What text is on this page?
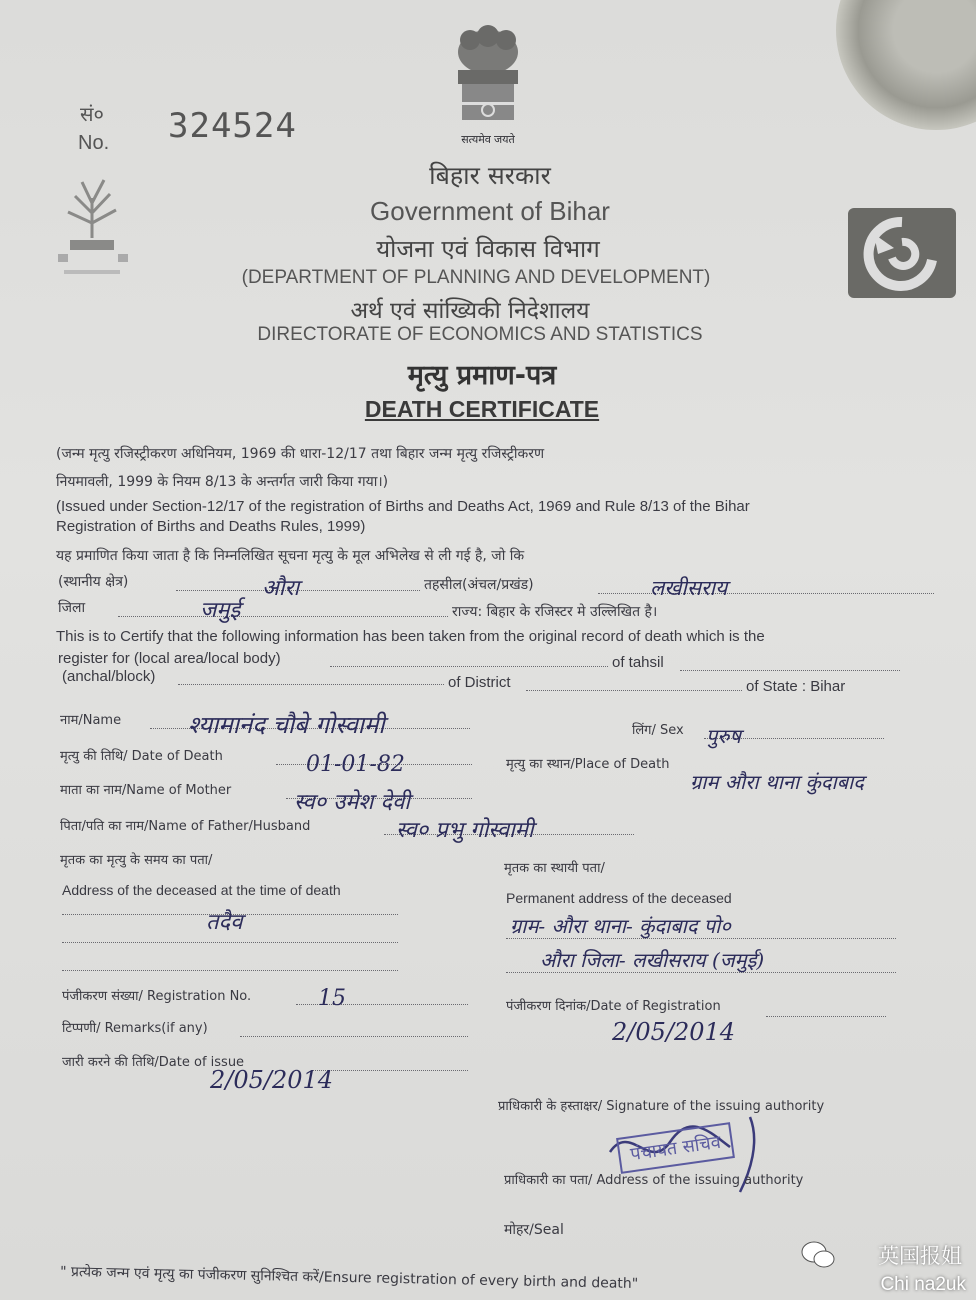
सं०
No. 324524	सत्यमेव जयते
बिहार सरकार
Government of Bihar
योजना एवं विकास विभाग
(DEPARTMENT OF PLANNING AND DEVELOPMENT)
अर्थ एवं सांख्यिकी निदेशालय
DIRECTORATE OF ECONOMICS AND STATISTICS
मृत्यु प्रमाण-पत्र
DEATH CERTIFICATE
(जन्म मृत्यु रजिस्ट्रीकरण अधिनियम, 1969 की धारा-12/17 तथा बिहार जन्म मृत्यु रजिस्ट्रीकरण
नियमावली, 1999 के नियम 8/13 के अन्तर्गत जारी किया गया।)
(Issued under Section-12/17 of the registration of Births and Deaths Act, 1969 and Rule 8/13 of the Bihar
Registration of Births and Deaths Rules, 1999)
यह प्रमाणित किया जाता है कि निम्नलिखित सूचना मृत्यु के मूल अभिलेख से ली गई है, जो कि
(स्थानीय क्षेत्र)	औरा	तहसील(अंचल/प्रखंड)	लखीसराय
जिला	जमुई	राज्य: बिहार के रजिस्टर मे उल्लिखित है।
This is to Certify that the following information has been taken from the original record of death which is the
register for (local area/local body)	of tahsil
(anchal/block)	of District	of State : Bihar
नाम/Name	श्यामानंद चौबे गोस्वामी	लिंग/ Sex पुरुष
मृत्यु की तिथि/ Date of Death	01-01-82	मृत्यु का स्थान/Place of Death
ग्राम औरा थाना कुंदाबाद
माता का नाम/Name of Mother	स्व० उमेश देवी
पिता/पति का नाम/Name of Father/Husband	स्व० प्रभु गोस्वामी
मृतक का मृत्यु के समय का पता/
मृतक का स्थायी पता/
Address of the deceased at the time of death	Permanent address of the deceased
तदैव	ग्राम- औरा थाना- कुंदाबाद पो०
औरा जिला- लखीसराय (जमुई)
पंजीकरण संख्या/ Registration No.	15	पंजीकरण दिनांक/Date of Registration
2/05/2014
टिप्पणी/ Remarks(if any)
जारी करने की तिथि/Date of issue
2/05/2014
प्राधिकारी के हस्ताक्षर/ Signature of the issuing authority
पंचायत सचिव
प्राधिकारी का पता/ Address of the issuing authority
मोहर/Seal
" प्रत्येक जन्म एवं मृत्यु का पंजीकरण सुनिश्चित करें/Ensure registration of every birth and death"
英国报姐
Chi na2uk
